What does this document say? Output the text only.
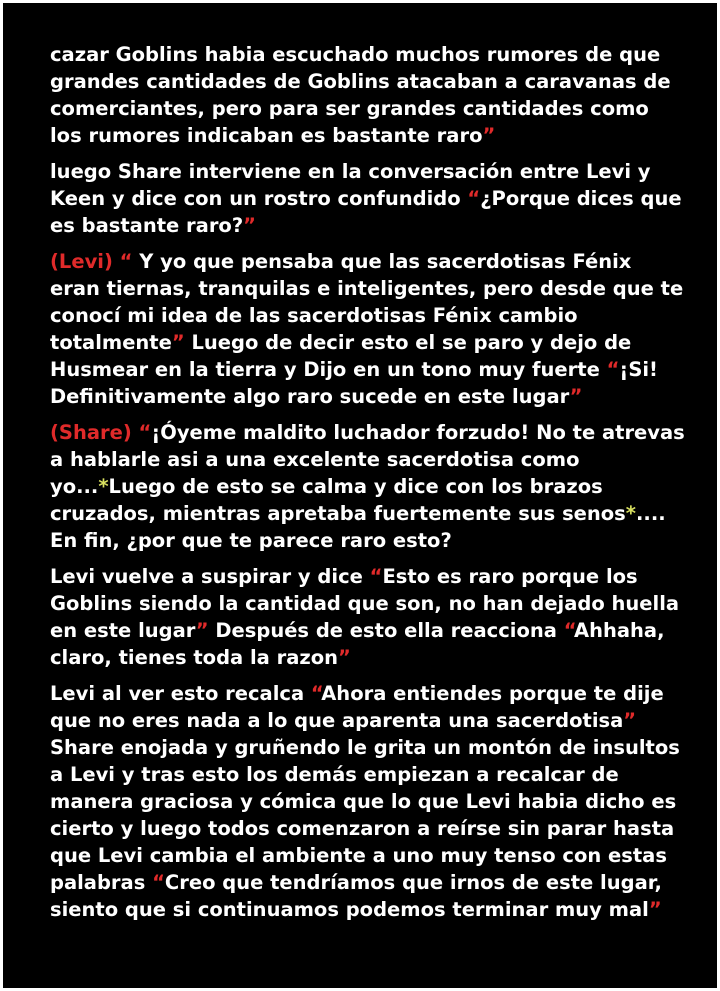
cazar Goblins habia escuchado muchos rumores de que grandes cantidades de Goblins atacaban a caravanas de comerciantes, pero para ser grandes cantidades como los rumores indicaban es bastante raro”

luego Share interviene en la conversación entre Levi y Keen y dice con un rostro confundido “¿Porque dices que es bastante raro?”

(Levi) “ Y yo que pensaba que las sacerdotisas Fénix eran tiernas, tranquilas e inteligentes, pero desde que te conocí mi idea de las sacerdotisas Fénix cambio totalmente” Luego de decir esto el se paro y dejo de Husmear en la tierra y Dijo en un tono muy fuerte “¡Si! Definitivamente algo raro sucede en este lugar”

(Share) “¡Óyeme maldito luchador forzudo! No te atrevas a hablarle asi a una excelente sacerdotisa como yo...*Luego de esto se calma y dice con los brazos cruzados, mientras apretaba fuertemente sus senos*.... En fin, ¿por que te parece raro esto?

Levi vuelve a suspirar y dice “Esto es raro porque los Goblins siendo la cantidad que son, no han dejado huella en este lugar” Después de esto ella reacciona “Ahhaha, claro, tienes toda la razon”

Levi al ver esto recalca “Ahora entiendes porque te dije que no eres nada a lo que aparenta una sacerdotisa” Share enojada y gruñendo le grita un montón de insultos a Levi y tras esto los demás empiezan a recalcar de manera graciosa y cómica que lo que Levi habia dicho es cierto y luego todos comenzaron a reírse sin parar hasta que Levi cambia el ambiente a uno muy tenso con estas palabras “Creo que tendríamos que irnos de este lugar, siento que si continuamos podemos terminar muy mal”
